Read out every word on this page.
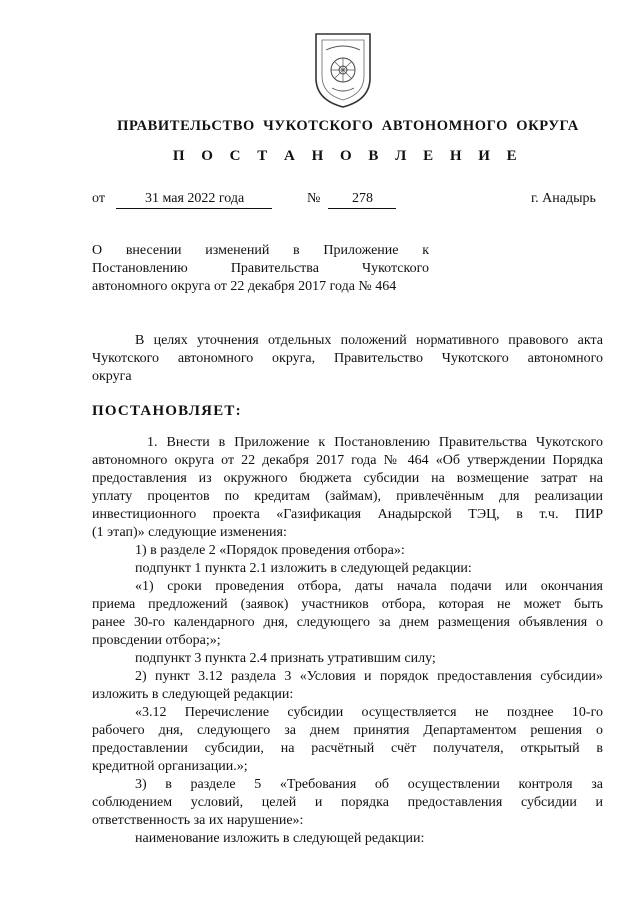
ПРАВИТЕЛЬСТВО ЧУКОТСКОГО АВТОНОМНОГО ОКРУГА
П О С Т А Н О В Л Е Н И Е
от	31 мая 2022 года	№ 278	г. Анадырь
О внесении изменений в Приложение к
Постановлению Правительства Чукотского
автономного округа от 22 декабря 2017 года № 464
В целях уточнения отдельных положений нормативного правового акта
Чукотского автономного округа, Правительство Чукотского автономного
округа
ПОСТАНОВЛЯЕТ:
1. Внести в Приложение к Постановлению Правительства Чукотского
автономного округа от 22 декабря 2017 года № 464 «Об утверждении Порядка
предоставления из окружного бюджета субсидии на возмещение затрат на
уплату процентов по кредитам (займам), привлечённым для реализации
инвестиционного проекта «Газификация Анадырской ТЭЦ, в т.ч. ПИР
(1 этап)» следующие изменения:
1) в разделе 2 «Порядок проведения отбора»:
подпункт 1 пункта 2.1 изложить в следующей редакции:
«1) сроки проведения отбора, даты начала подачи или окончания
приема предложений (заявок) участников отбора, которая не может быть
ранее 30-го календарного дня, следующего за днем размещения объявления о
провсдении отбора;»;
подпункт 3 пункта 2.4 признать утратившим силу;
2) пункт 3.12 раздела 3 «Условия и порядок предоставления субсидии»
изложить в следующей редакции:
«3.12 Перечисление субсидии осуществляется не позднее 10-го
рабочего дня, следующего за днем принятия Департаментом решения о
предоставлении субсидии, на расчётный счёт получателя, открытый в
кредитной организации.»;
3) в разделе 5 «Требования об осуществлении контроля за
соблюдением условий, целей и порядка предоставления субсидии и
ответственность за их нарушение»:
наименование изложить в следующей редакции:
